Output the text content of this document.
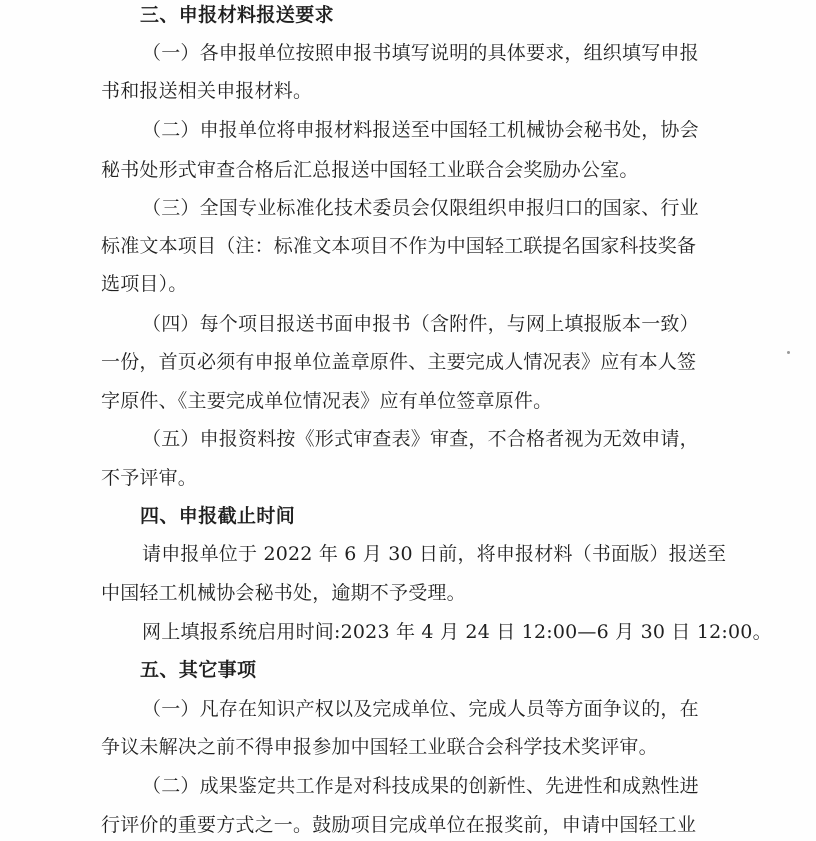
三、申报材料报送要求
（一）各申报单位按照申报书填写说明的具体要求，组织填写申报
书和报送相关申报材料。
（二）申报单位将申报材料报送至中国轻工机械协会秘书处，协会
秘书处形式审查合格后汇总报送中国轻工业联合会奖励办公室。
（三）全国专业标准化技术委员会仅限组织申报归口的国家、行业
标准文本项目（注：标准文本项目不作为中国轻工联提名国家科技奖备
选项目）。
（四）每个项目报送书面申报书（含附件，与网上填报版本一致）
一份，首页必须有申报单位盖章原件、主要完成人情况表》应有本人签
字原件、《主要完成单位情况表》应有单位签章原件。
（五）申报资料按《形式审查表》审查，不合格者视为无效申请，
不予评审。
四、申报截止时间
请申报单位于 2022 年 6 月 30 日前，将申报材料（书面版）报送至
中国轻工机械协会秘书处，逾期不予受理。
网上填报系统启用时间:2023 年 4 月 24 日 12:00—6 月 30 日 12:00。
五、其它事项
（一）凡存在知识产权以及完成单位、完成人员等方面争议的，在
争议未解决之前不得申报参加中国轻工业联合会科学技术奖评审。
（二）成果鉴定共工作是对科技成果的创新性、先进性和成熟性进
行评价的重要方式之一。鼓励项目完成单位在报奖前，申请中国轻工业
